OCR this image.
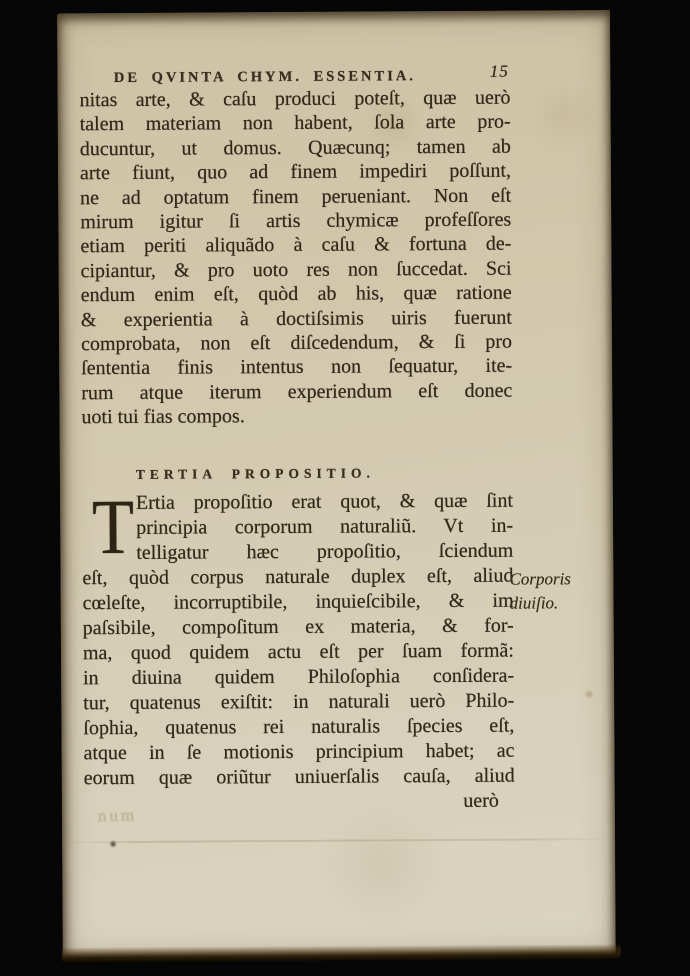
DE QVINTA CHYM. ESSENTIA.	15
nitas arte, & caſu produci poteſt, quæ uerò
talem materiam non habent, ſola arte pro-
ducuntur, ut domus. Quæcunq; tamen ab
arte fiunt, quo ad finem impediri poſſunt,
ne ad optatum finem perueniant. Non eſt
mirum igitur ſi artis chymicæ profeſſores
etiam periti aliquãdo à caſu & fortuna de-
cipiantur, & pro uoto res non ſuccedat. Sci
endum enim eſt, quòd ab his, quæ ratione
& experientia à doctiſsimis uiris fuerunt
comprobata, non eſt diſcedendum, & ſi pro
ſententia finis intentus non ſequatur, ite-
rum atque iterum experiendum eſt donec
uoti tui fias compos.
TERTIA PROPOSITIO.
T Ertia propoſitio erat quot, & quæ ſint
principia corporum naturaliũ. Vt in-
telligatur hæc propoſitio, ſciendum
eſt, quòd corpus naturale duplex eſt, aliud
cœleſte, incorruptibile, inquieſcibile, & im
paſsibile, compoſitum ex materia, & for-
ma, quod quidem actu eſt per ſuam formã:
in diuina quidem Philoſophia conſidera-
tur, quatenus exiſtit: in naturali uerò Philo-
ſophia, quatenus rei naturalis ſpecies eſt,
atque in ſe motionis principium habet; ac
eorum quæ oriũtur uniuerſalis cauſa, aliud
uerò
Corporis
diuiſio.
num
